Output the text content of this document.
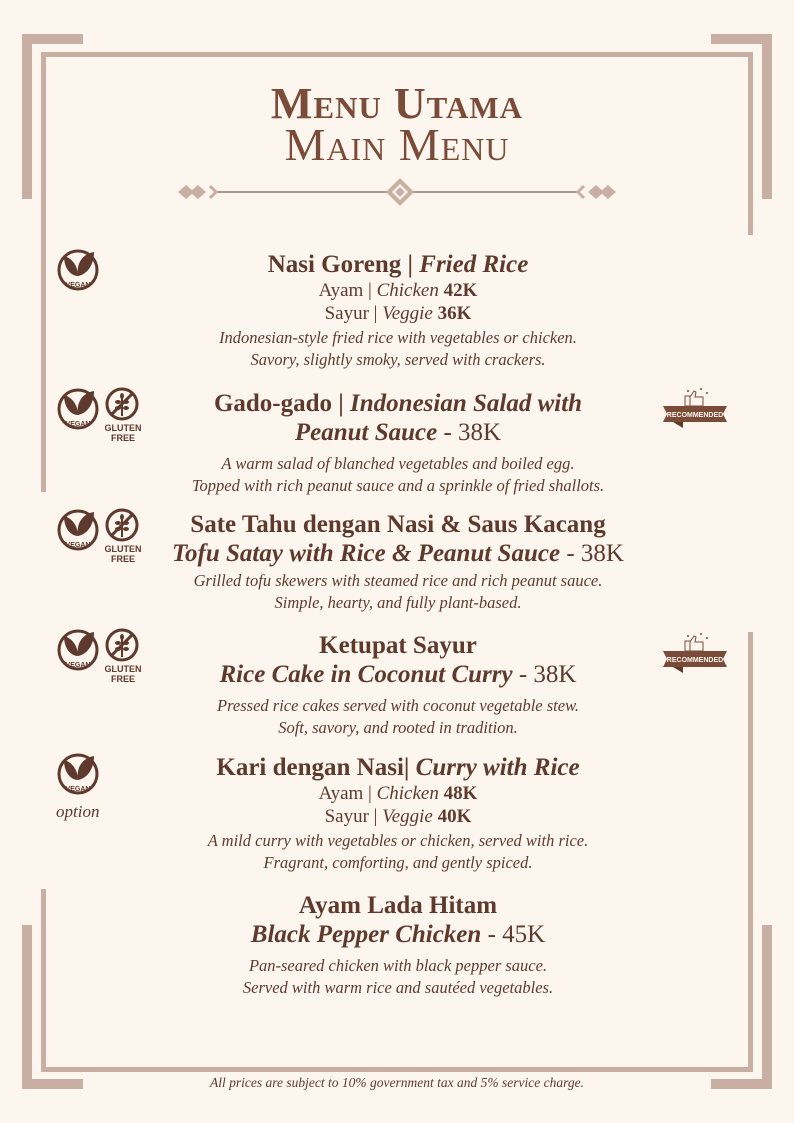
Menu Utama
Main Menu
VEGAN
VEGAN GLUTEN
FREE
VEGAN GLUTEN
FREE
VEGAN GLUTEN
FREE
VEGAN
option
RECOMMENDED
RECOMMENDED
Nasi Goreng | Fried Rice
Ayam | Chicken 42K
Sayur | Veggie 36K
Indonesian-style fried rice with vegetables or chicken.
Savory, slightly smoky, served with crackers.
Gado-gado | Indonesian Salad with
Peanut Sauce - 38K
A warm salad of blanched vegetables and boiled egg.
Topped with rich peanut sauce and a sprinkle of fried shallots.
Sate Tahu dengan Nasi & Saus Kacang
Tofu Satay with Rice & Peanut Sauce - 38K
Grilled tofu skewers with steamed rice and rich peanut sauce.
Simple, hearty, and fully plant-based.
Ketupat Sayur
Rice Cake in Coconut Curry - 38K
Pressed rice cakes served with coconut vegetable stew.
Soft, savory, and rooted in tradition.
Kari dengan Nasi| Curry with Rice
Ayam | Chicken 48K
Sayur | Veggie 40K
A mild curry with vegetables or chicken, served with rice.
Fragrant, comforting, and gently spiced.
Ayam Lada Hitam
Black Pepper Chicken - 45K
Pan-seared chicken with black pepper sauce.
Served with warm rice and sautéed vegetables.
All prices are subject to 10% government tax and 5% service charge.
